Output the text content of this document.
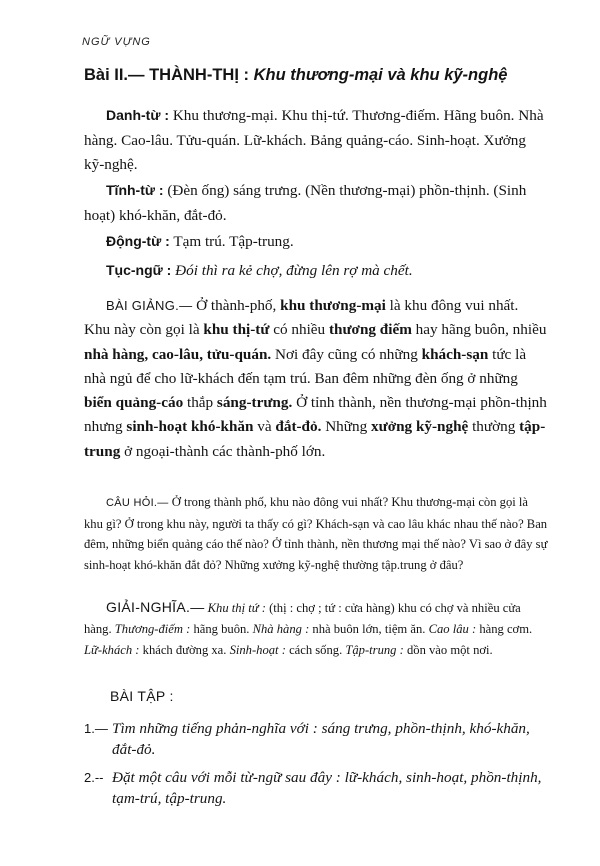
NGỮ VỰNG
Bài II.— THÀNH-THỊ : Khu thương-mại và khu kỹ-nghệ
Danh-từ : Khu thương-mại. Khu thị-tứ. Thương-điếm. Hãng buôn. Nhà hàng. Cao-lâu. Tửu-quán. Lữ-khách. Bảng quảng-cáo. Sinh-hoạt. Xưởng kỹ-nghệ.
Tĩnh-từ : (Đèn ống) sáng trưng. (Nền thương-mại) phồn-thịnh. (Sinh hoạt) khó-khăn, đắt-đỏ.
Động-từ : Tạm trú. Tập-trung.
Tục-ngữ : Đói thì ra kẻ chợ, đừng lên rợ mà chết.
BÀI GIẢNG.— Ở thành-phố, khu thương-mại là khu đông vui nhất. Khu này còn gọi là khu thị-tứ có nhiều thương điếm hay hãng buôn, nhiều nhà hàng, cao-lâu, tửu-quán. Nơi đây cũng có những khách-sạn tức là nhà ngủ để cho lữ-khách đến tạm trú. Ban đêm những đèn ống ở những biển quảng-cáo thắp sáng-trưng. Ở tỉnh thành, nền thương-mại phồn-thịnh nhưng sinh-hoạt khó-khăn và đắt-đỏ. Những xưởng kỹ-nghệ thường tập-trung ở ngoại-thành các thành-phố lớn.
CÂU HỎI.— Ở trong thành phố, khu nào đông vui nhất? Khu thương-mại còn gọi là khu gì? Ở trong khu này, người ta thấy có gì? Khách-sạn và cao lâu khác nhau thế nào? Ban đêm, những biển quảng cáo thế nào? Ở tỉnh thành, nền thương mại thế nào? Vì sao ở đây sự sinh-hoạt khó-khăn đắt đỏ? Những xưởng kỹ-nghệ thường tập.trung ở đâu?
GIẢI-NGHĨA.— Khu thị tứ : (thị : chợ ; tứ : cửa hàng) khu có chợ và nhiều cửa hàng. Thương-điếm : hãng buôn. Nhà hàng : nhà buôn lớn, tiệm ăn. Cao lâu : hàng cơm. Lữ-khách : khách đường xa. Sinh-hoạt : cách sống. Tập-trung : dồn vào một nơi.
BÀI TẬP :
1.— Tìm những tiếng phản-nghĩa với : sáng trưng, phồn-thịnh, khó-khăn, đắt-đỏ.
2.-- Đặt một câu với mỗi từ-ngữ sau đây : lữ-khách, sinh-hoạt, phồn-thịnh, tạm-trú, tập-trung.
